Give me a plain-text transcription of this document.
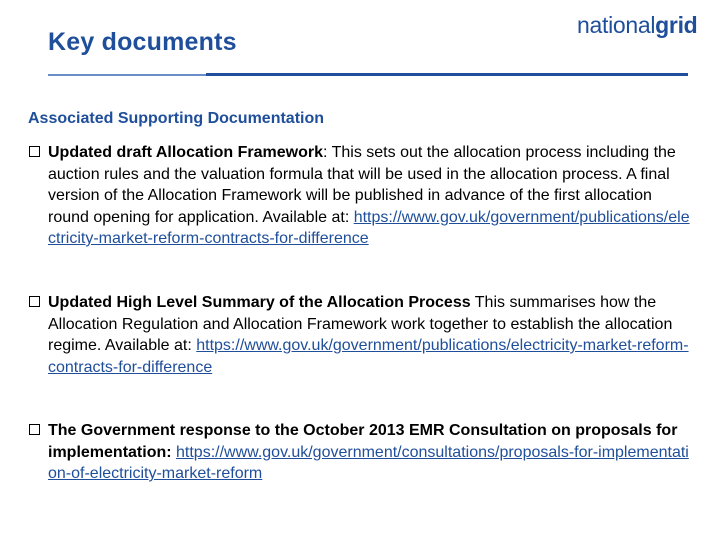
Key documents
nationalgrid
Associated Supporting Documentation
Updated draft Allocation Framework: This sets out the allocation process including the auction rules and the valuation formula that will be used in the allocation process. A final version of the Allocation Framework will be published in advance of the first allocation round opening for application. Available at: https://www.gov.uk/government/publications/electricity-market-reform-contracts-for-difference
Updated High Level Summary of the Allocation Process This summarises how the Allocation Regulation and Allocation Framework work together to establish the allocation regime. Available at: https://www.gov.uk/government/publications/electricity-market-reform-contracts-for-difference
The Government response to the October 2013 EMR Consultation on proposals for implementation: https://www.gov.uk/government/consultations/proposals-for-implementation-of-electricity-market-reform
